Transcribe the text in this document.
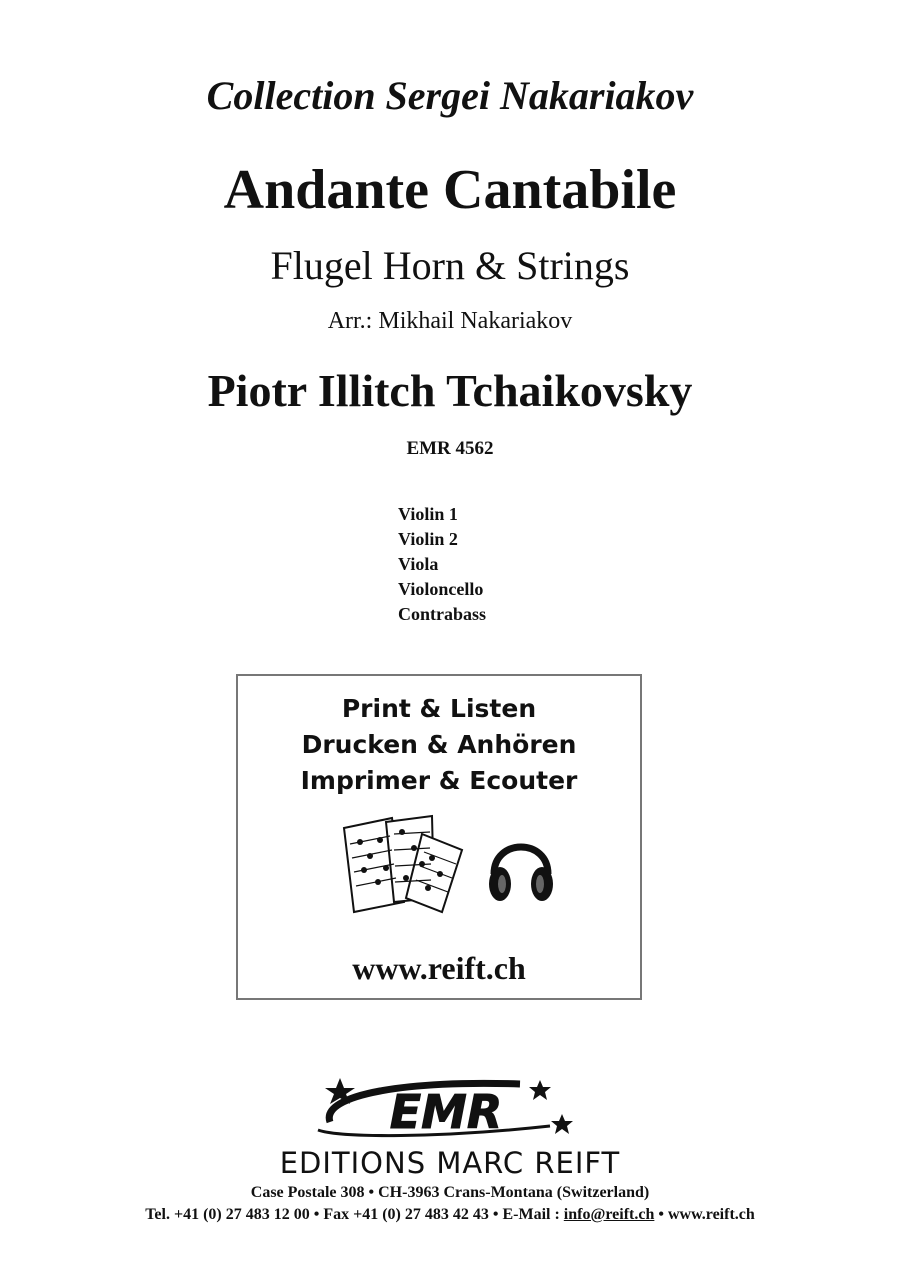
Collection Sergei Nakariakov
Andante Cantabile
Flugel Horn & Strings
Arr.: Mikhail Nakariakov
Piotr Illitch Tchaikovsky
EMR 4562
Violin 1
Violin 2
Viola
Violoncello
Contrabass
Print & Listen
Drucken & Anhören
Imprimer & Ecouter
www.reift.ch
EMR
EDITIONS MARC REIFT
Case Postale 308 • CH-3963 Crans-Montana (Switzerland)
Tel. +41 (0) 27 483 12 00 • Fax +41 (0) 27 483 42 43 • E-Mail : info@reift.ch • www.reift.ch
